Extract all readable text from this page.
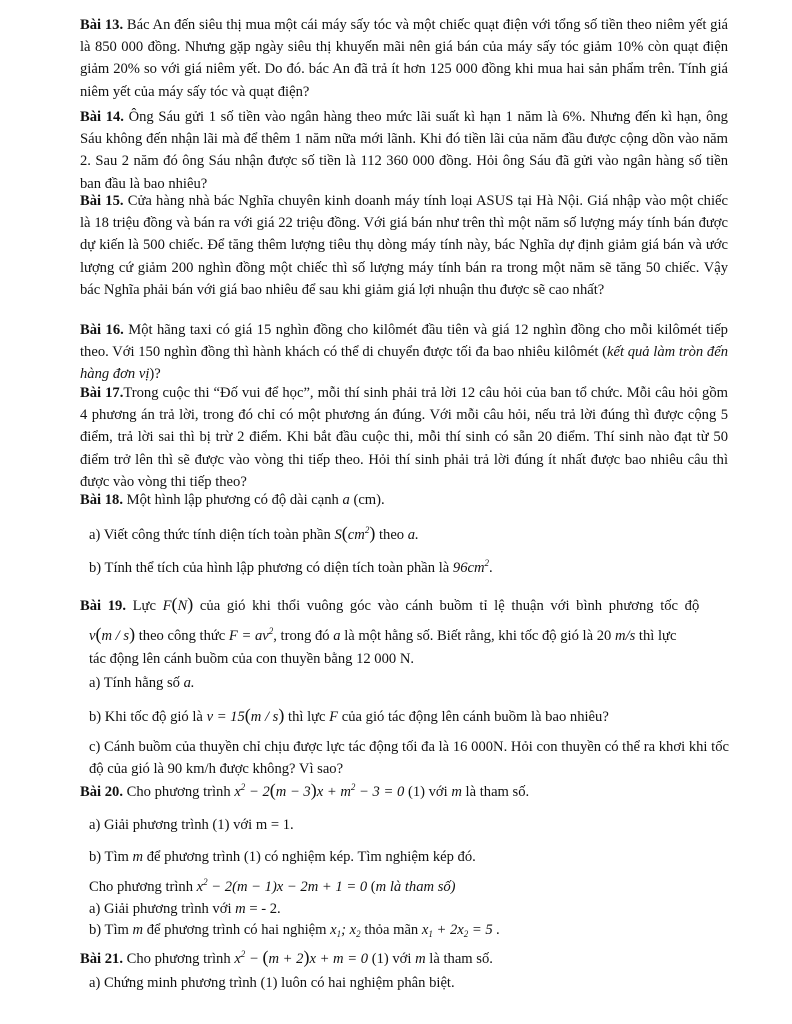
Bài 13. Bác An đến siêu thị mua một cái máy sấy tóc và một chiếc quạt điện với tổng số tiền theo niêm yết giá là 850 000 đồng. Nhưng gặp ngày siêu thị khuyến mãi nên giá bán của máy sấy tóc giảm 10% còn quạt điện giảm 20% so với giá niêm yết. Do đó. bác An đã trả ít hơn 125 000 đồng khi mua hai sản phẩm trên. Tính giá niêm yết của máy sấy tóc và quạt điện?
Bài 14. Ông Sáu gửi 1 số tiền vào ngân hàng theo mức lãi suất kì hạn 1 năm là 6%. Nhưng đến kì hạn, ông Sáu không đến nhận lãi mà để thêm 1 năm nữa mới lãnh. Khi đó tiền lãi của năm đầu được cộng dồn vào năm 2. Sau 2 năm đó ông Sáu nhận được số tiền là 112 360 000 đồng. Hỏi ông Sáu đã gửi vào ngân hàng số tiền ban đầu là bao nhiêu?
Bài 15. Cửa hàng nhà bác Nghĩa chuyên kinh doanh máy tính loại ASUS tại Hà Nội. Giá nhập vào một chiếc là 18 triệu đồng và bán ra với giá 22 triệu đồng. Với giá bán như trên thì một năm số lượng máy tính bán được dự kiến là 500 chiếc. Để tăng thêm lượng tiêu thụ dòng máy tính này, bác Nghĩa dự định giảm giá bán và ước lượng cứ giảm 200 nghìn đồng một chiếc thì số lượng máy tính bán ra trong một năm sẽ tăng 50 chiếc. Vậy bác Nghĩa phải bán với giá bao nhiêu để sau khi giảm giá lợi nhuận thu được sẽ cao nhất?
Bài 16. Một hãng taxi có giá 15 nghìn đồng cho kilômét đầu tiên và giá 12 nghìn đồng cho mỗi kilômét tiếp theo. Với 150 nghìn đồng thì hành khách có thể di chuyển được tối đa bao nhiêu kilômét (kết quả làm tròn đến hàng đơn vị)?
Bài 17.Trong cuộc thi “Đố vui để học”, mỗi thí sinh phải trả lời 12 câu hỏi của ban tổ chức. Mỗi câu hỏi gồm 4 phương án trả lời, trong đó chỉ có một phương án đúng. Với mỗi câu hỏi, nếu trả lời đúng thì được cộng 5 điểm, trả lời sai thì bị trừ 2 điểm. Khi bắt đầu cuộc thi, mỗi thí sinh có sẵn 20 điểm. Thí sinh nào đạt từ 50 điểm trở lên thì sẽ được vào vòng thi tiếp theo. Hỏi thí sinh phải trả lời đúng ít nhất được bao nhiêu câu thì được vào vòng thi tiếp theo?
Bài 18. Một hình lập phương có độ dài cạnh a (cm).
a) Viết công thức tính diện tích toàn phần $S(cm^2)$ theo a.
b) Tính thể tích của hình lập phương có diện tích toàn phần là $96cm^2$.
Bài 19. Lực F(N) của gió khi thổi vuông góc vào cánh buồm tỉ lệ thuận với bình phương tốc độ
v(m / s) theo công thức $F = av^2$, trong đó a là một hằng số. Biết rằng, khi tốc độ gió là 20 m/s thì lực
tác động lên cánh buồm của con thuyền bằng 12 000 N.
a) Tính hằng số a.
b) Khi tốc độ gió là v = 15(m / s) thì lực F của gió tác động lên cánh buồm là bao nhiêu?
c) Cánh buồm của thuyền chỉ chịu được lực tác động tối đa là 16 000N. Hỏi con thuyền có thể ra khơi khi tốc độ của gió là 90 km/h được không? Vì sao?
Bài 20. Cho phương trình $x^2 - 2(m - 3)x + m^2 - 3 = 0$ (1) với m là tham số.
a) Giải phương trình (1) với m = 1.
b) Tìm m để phương trình (1) có nghiệm kép. Tìm nghiệm kép đó.
Cho phương trình $x^2 - 2(m - 1)x - 2m + 1 = 0$ (m là tham số)
a) Giải phương trình với m = - 2.
b) Tìm m để phương trình có hai nghiệm $x_1$; $x_2$ thỏa mãn $x_1 + 2x_2 = 5$ .
Bài 21. Cho phương trình $x^2 - (m + 2)x + m = 0$ (1) với m là tham số.
a) Chứng minh phương trình (1) luôn có hai nghiệm phân biệt.
